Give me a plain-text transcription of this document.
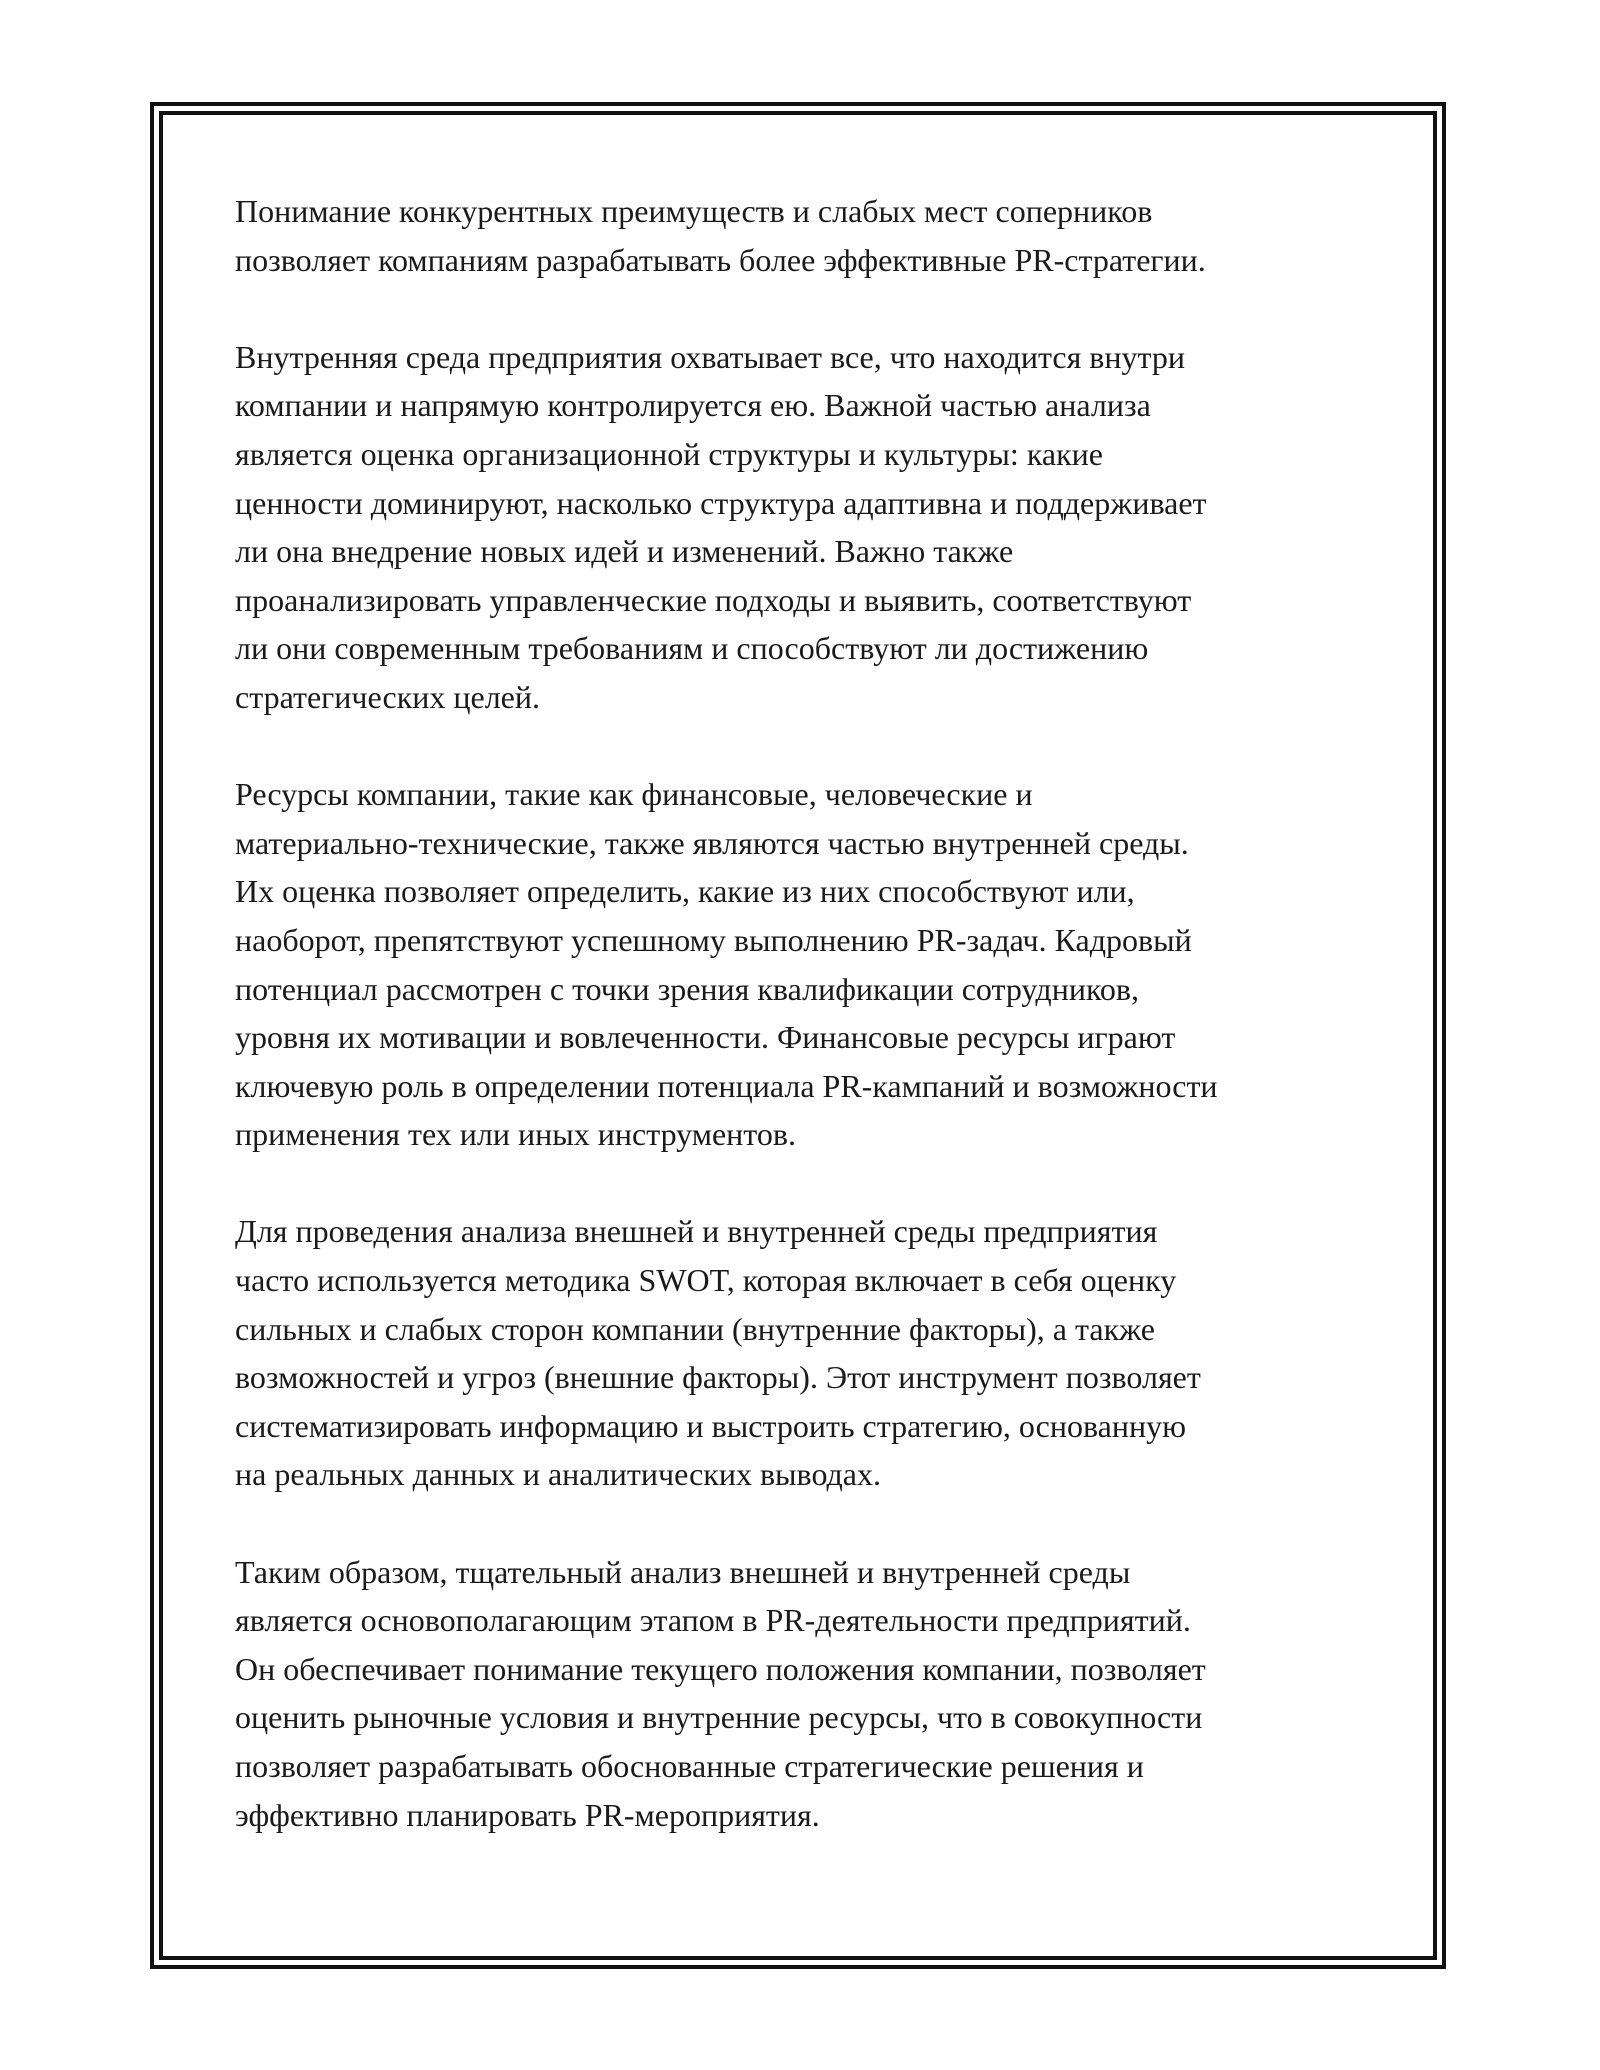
Понимание конкурентных преимуществ и слабых мест соперников
позволяет компаниям разрабатывать более эффективные PR-стратегии.

Внутренняя среда предприятия охватывает все, что находится внутри
компании и напрямую контролируется ею. Важной частью анализа
является оценка организационной структуры и культуры: какие
ценности доминируют, насколько структура адаптивна и поддерживает
ли она внедрение новых идей и изменений. Важно также
проанализировать управленческие подходы и выявить, соответствуют
ли они современным требованиям и способствуют ли достижению
стратегических целей.

Ресурсы компании, такие как финансовые, человеческие и
материально-технические, также являются частью внутренней среды.
Их оценка позволяет определить, какие из них способствуют или,
наоборот, препятствуют успешному выполнению PR-задач. Кадровый
потенциал рассмотрен с точки зрения квалификации сотрудников,
уровня их мотивации и вовлеченности. Финансовые ресурсы играют
ключевую роль в определении потенциала PR-кампаний и возможности
применения тех или иных инструментов.

Для проведения анализа внешней и внутренней среды предприятия
часто используется методика SWOT, которая включает в себя оценку
сильных и слабых сторон компании (внутренние факторы), а также
возможностей и угроз (внешние факторы). Этот инструмент позволяет
систематизировать информацию и выстроить стратегию, основанную
на реальных данных и аналитических выводах.

Таким образом, тщательный анализ внешней и внутренней среды
является основополагающим этапом в PR-деятельности предприятий.
Он обеспечивает понимание текущего положения компании, позволяет
оценить рыночные условия и внутренние ресурсы, что в совокупности
позволяет разрабатывать обоснованные стратегические решения и
эффективно планировать PR-мероприятия.
